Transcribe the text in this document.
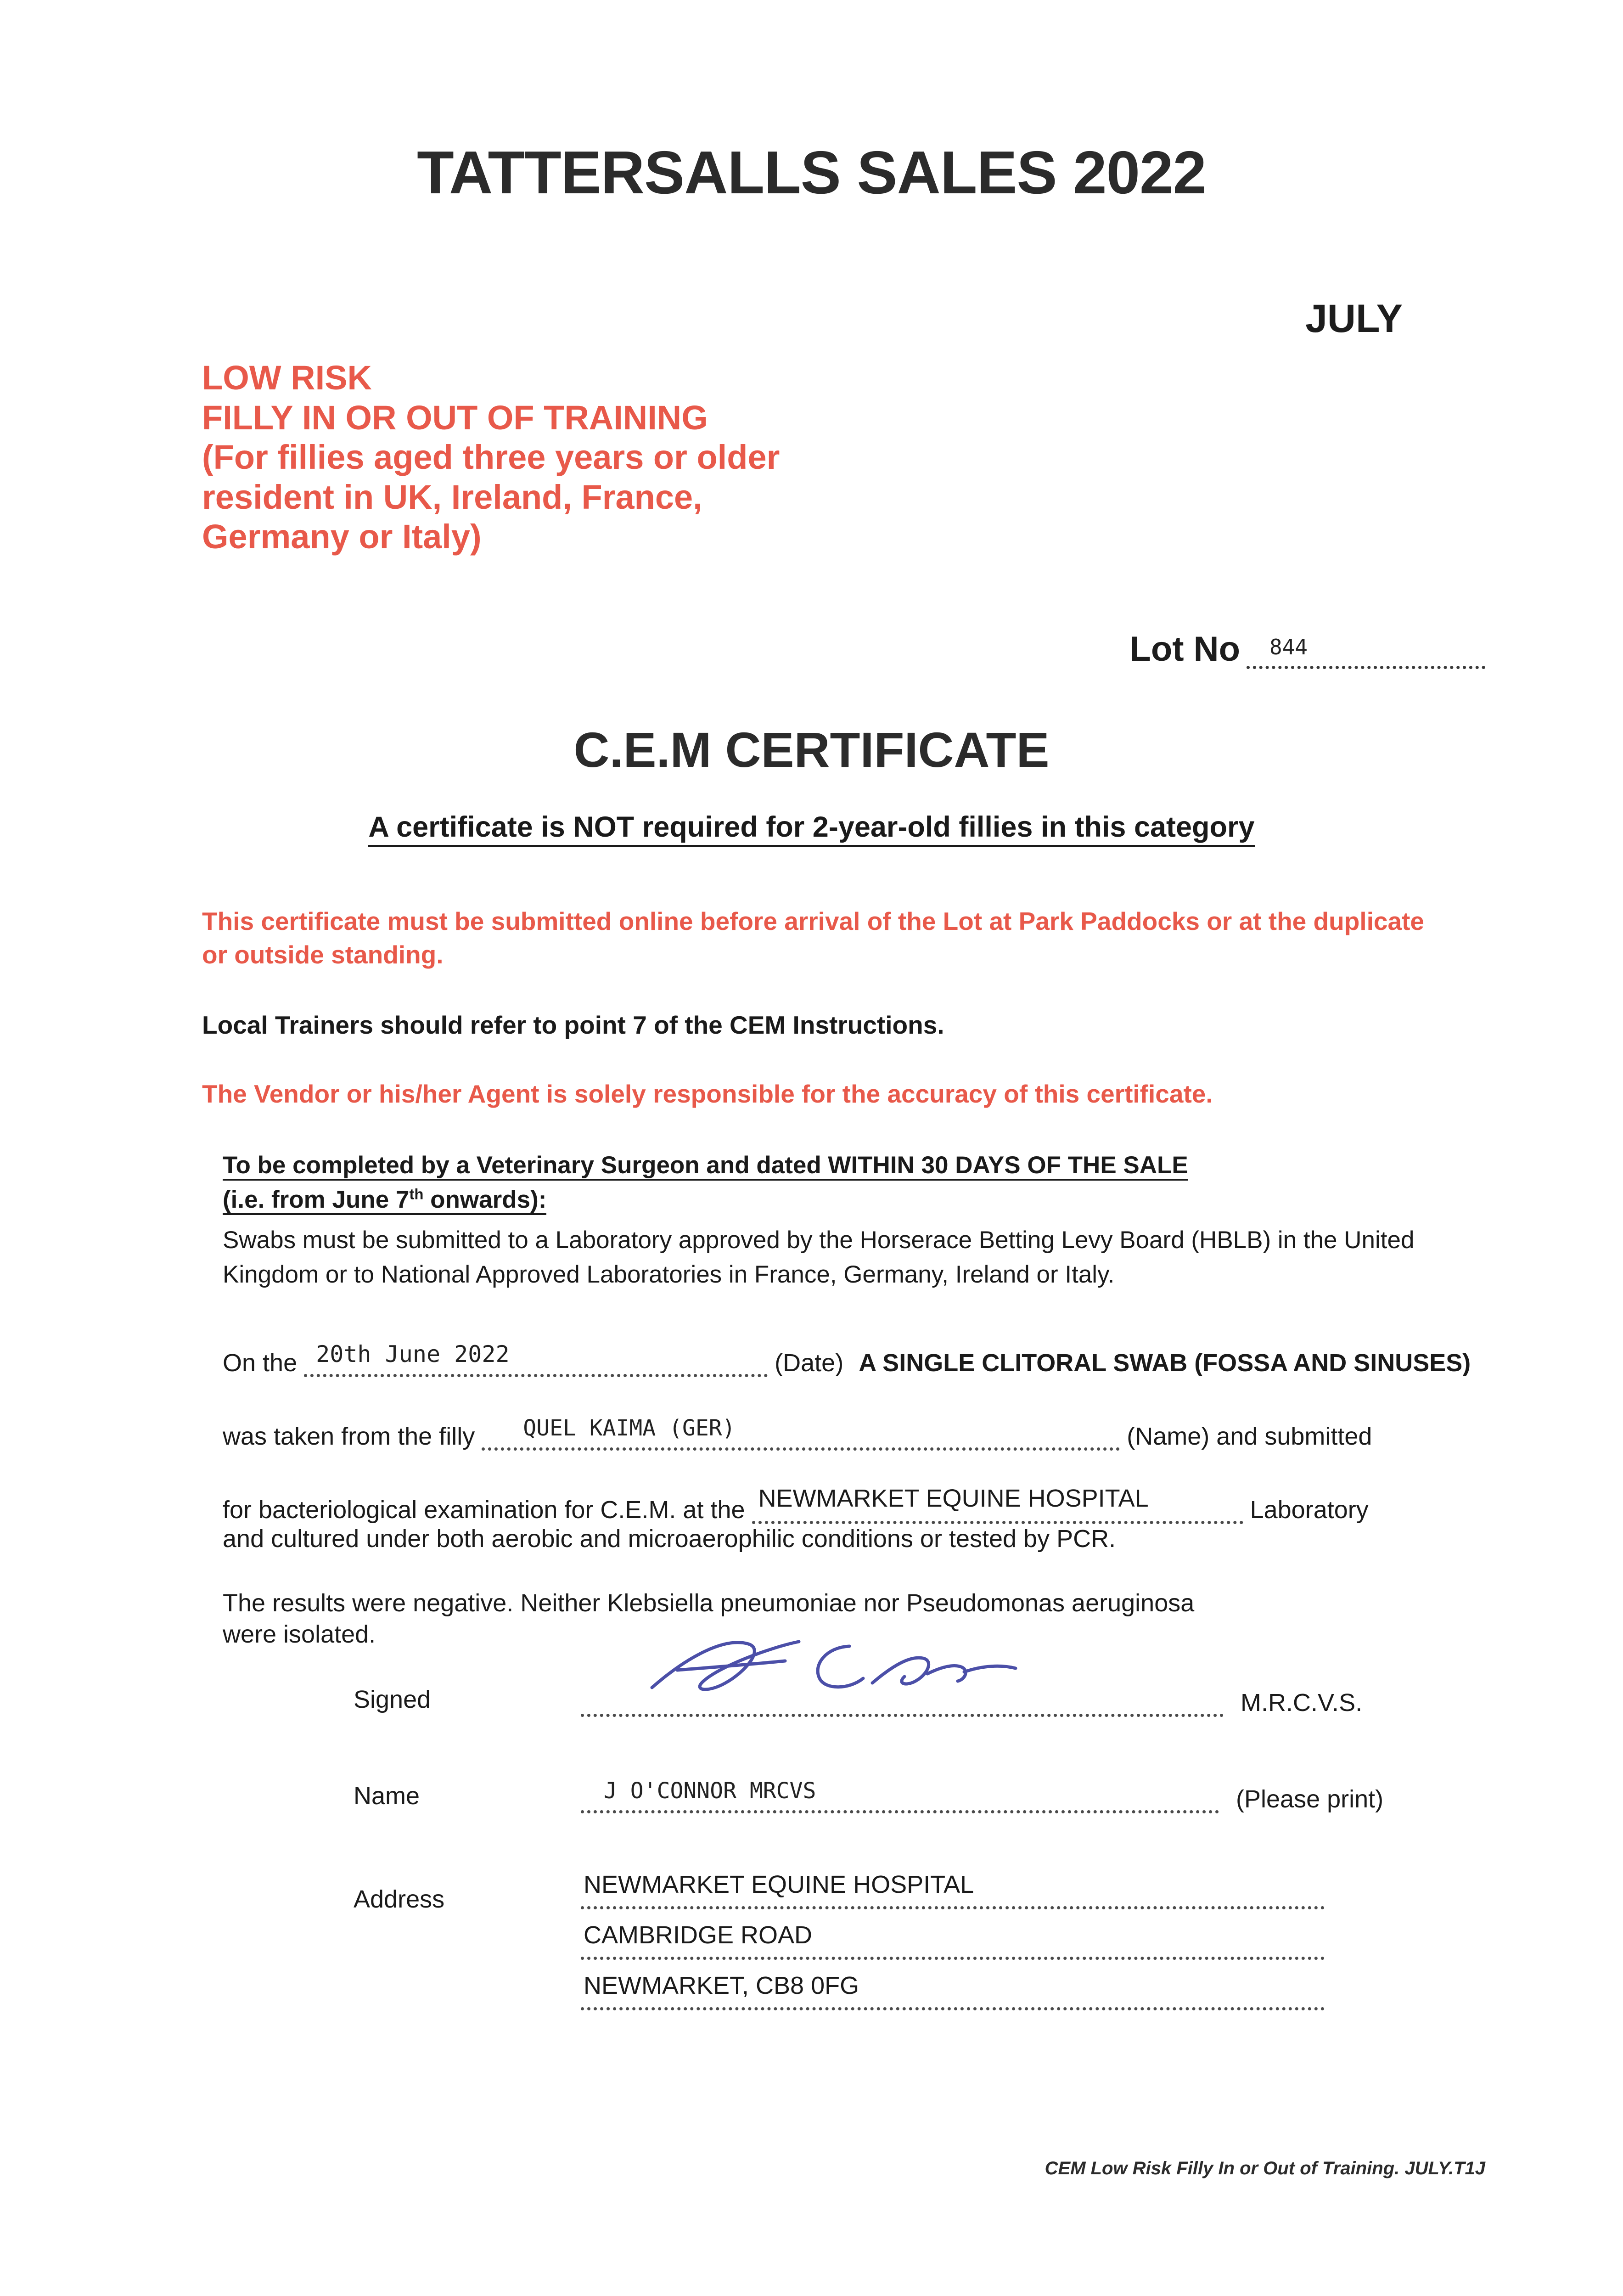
TATTERSALLS SALES 2022
JULY
LOW RISK
FILLY IN OR OUT OF TRAINING
(For fillies aged three years or older
resident in UK, Ireland, France,
Germany or Italy)
Lot No 844
C.E.M CERTIFICATE
A certificate is NOT required for 2-year-old fillies in this category
This certificate must be submitted online before arrival of the Lot at Park Paddocks or at the duplicate or outside standing.
Local Trainers should refer to point 7 of the CEM Instructions.
The Vendor or his/her Agent is solely responsible for the accuracy of this certificate.
To be completed by a Veterinary Surgeon and dated WITHIN 30 DAYS OF THE SALE
(i.e. from June 7th onwards):
Swabs must be submitted to a Laboratory approved by the Horserace Betting Levy Board (HBLB) in the United Kingdom or to National Approved Laboratories in France, Germany, Ireland or Italy.
On the 20th June 2022	(Date) A SINGLE CLITORAL SWAB (FOSSA AND SINUSES)
was taken from the filly QUEL KAIMA (GER)	(Name) and submitted
for bacteriological examination for C.E.M. at the NEWMARKET EQUINE HOSPITAL	Laboratory
and cultured under both aerobic and microaerophilic conditions or tested by PCR.
The results were negative. Neither Klebsiella pneumoniae nor Pseudomonas aeruginosa
were isolated.
Signed	M.R.C.V.S.
Name	J O'CONNOR MRCVS	(Please print)
Address
NEWMARKET EQUINE HOSPITAL
CAMBRIDGE ROAD
NEWMARKET, CB8 0FG
CEM Low Risk Filly In or Out of Training. JULY.T1J
